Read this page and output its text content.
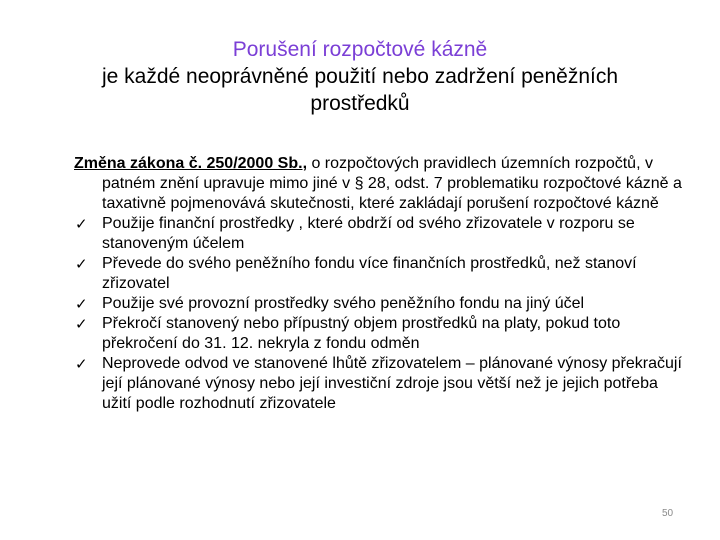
Porušení rozpočtové kázně
je každé neoprávněné použití nebo zadržení peněžních
prostředků

Změna zákona č. 250/2000 Sb., o rozpočtových pravidlech územních rozpočtů, v patném znění upravuje mimo jiné v § 28, odst. 7 problematiku rozpočtové kázně a taxativně pojmenovává skutečnosti, které zakládají porušení rozpočtové kázně

✓ Použije finanční prostředky , které obdrží od svého zřizovatele v rozporu se stanoveným účelem
✓ Převede do svého peněžního fondu více finančních prostředků, než stanoví zřizovatel
✓ Použije své provozní prostředky svého peněžního fondu na jiný účel
✓ Překročí stanovený nebo přípustný objem prostředků na platy, pokud toto překročení do 31. 12. nekryla z fondu odměn
✓ Neprovede odvod ve stanovené lhůtě zřizovatelem – plánované výnosy překračují její plánované výnosy nebo její investiční zdroje jsou větší než je jejich potřeba užití podle rozhodnutí zřizovatele
50
